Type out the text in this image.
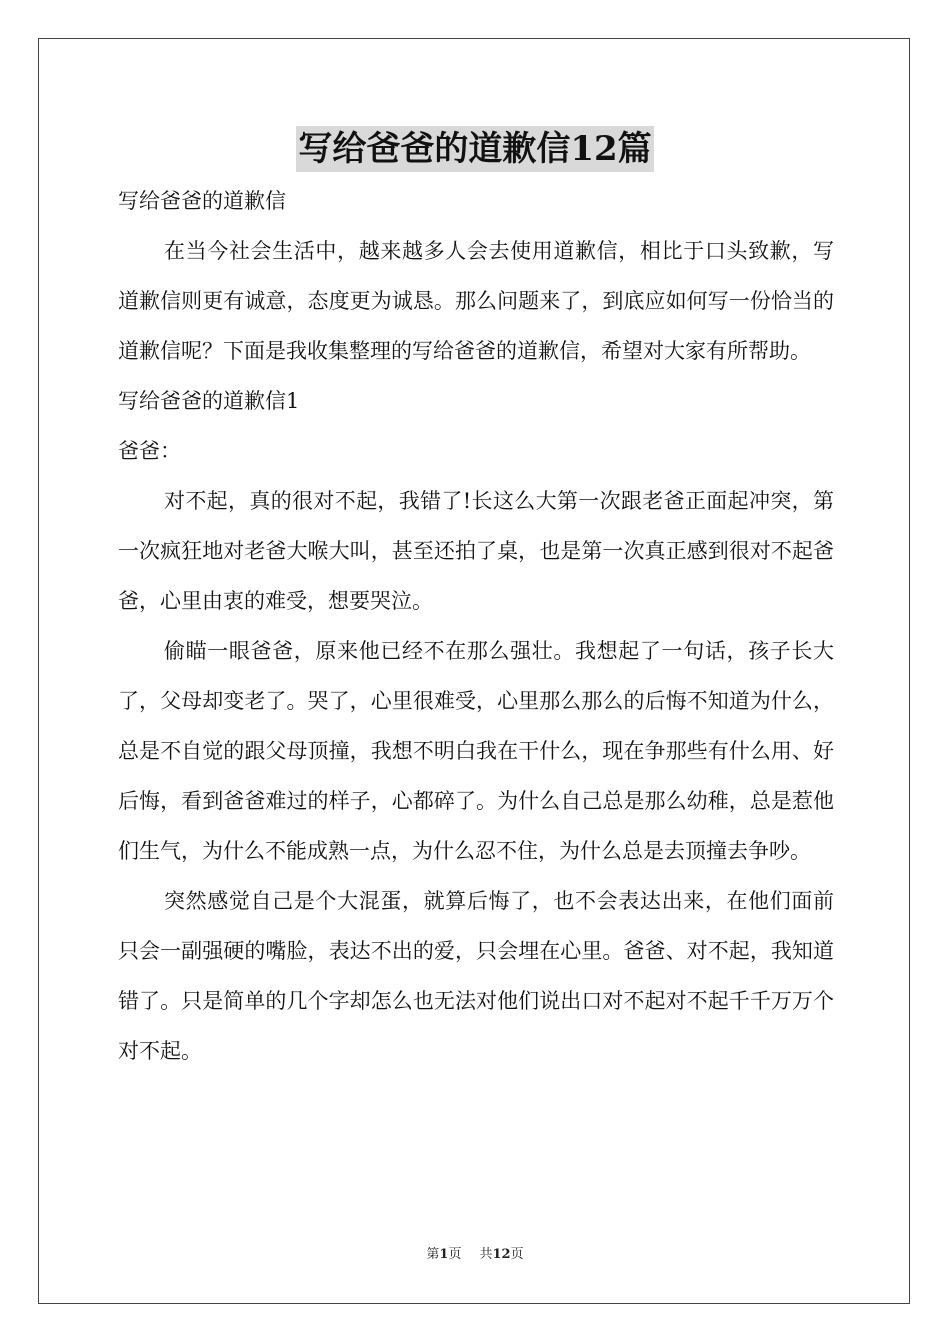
写给爸爸的道歉信12篇

写给爸爸的道歉信

在当今社会生活中，越来越多人会去使用道歉信，相比于口头致歉，写道歉信则更有诚意，态度更为诚恳。那么问题来了，到底应如何写一份恰当的道歉信呢？下面是我收集整理的写给爸爸的道歉信，希望对大家有所帮助。

写给爸爸的道歉信1

爸爸：

对不起，真的很对不起，我错了!长这么大第一次跟老爸正面起冲突，第一次疯狂地对老爸大喉大叫，甚至还拍了桌，也是第一次真正感到很对不起爸爸，心里由衷的难受，想要哭泣。

偷瞄一眼爸爸，原来他已经不在那么强壮。我想起了一句话，孩子长大了，父母却变老了。哭了，心里很难受，心里那么那么的后悔不知道为什么，总是不自觉的跟父母顶撞，我想不明白我在干什么，现在争那些有什么用、好后悔，看到爸爸难过的样子，心都碎了。为什么自己总是那么幼稚，总是惹他们生气，为什么不能成熟一点，为什么忍不住，为什么总是去顶撞去争吵。

突然感觉自己是个大混蛋，就算后悔了，也不会表达出来，在他们面前只会一副强硬的嘴脸，表达不出的爱，只会埋在心里。爸爸、对不起，我知道错了。只是简单的几个字却怎么也无法对他们说出口对不起对不起千千万万个对不起。

第1页 共12页
